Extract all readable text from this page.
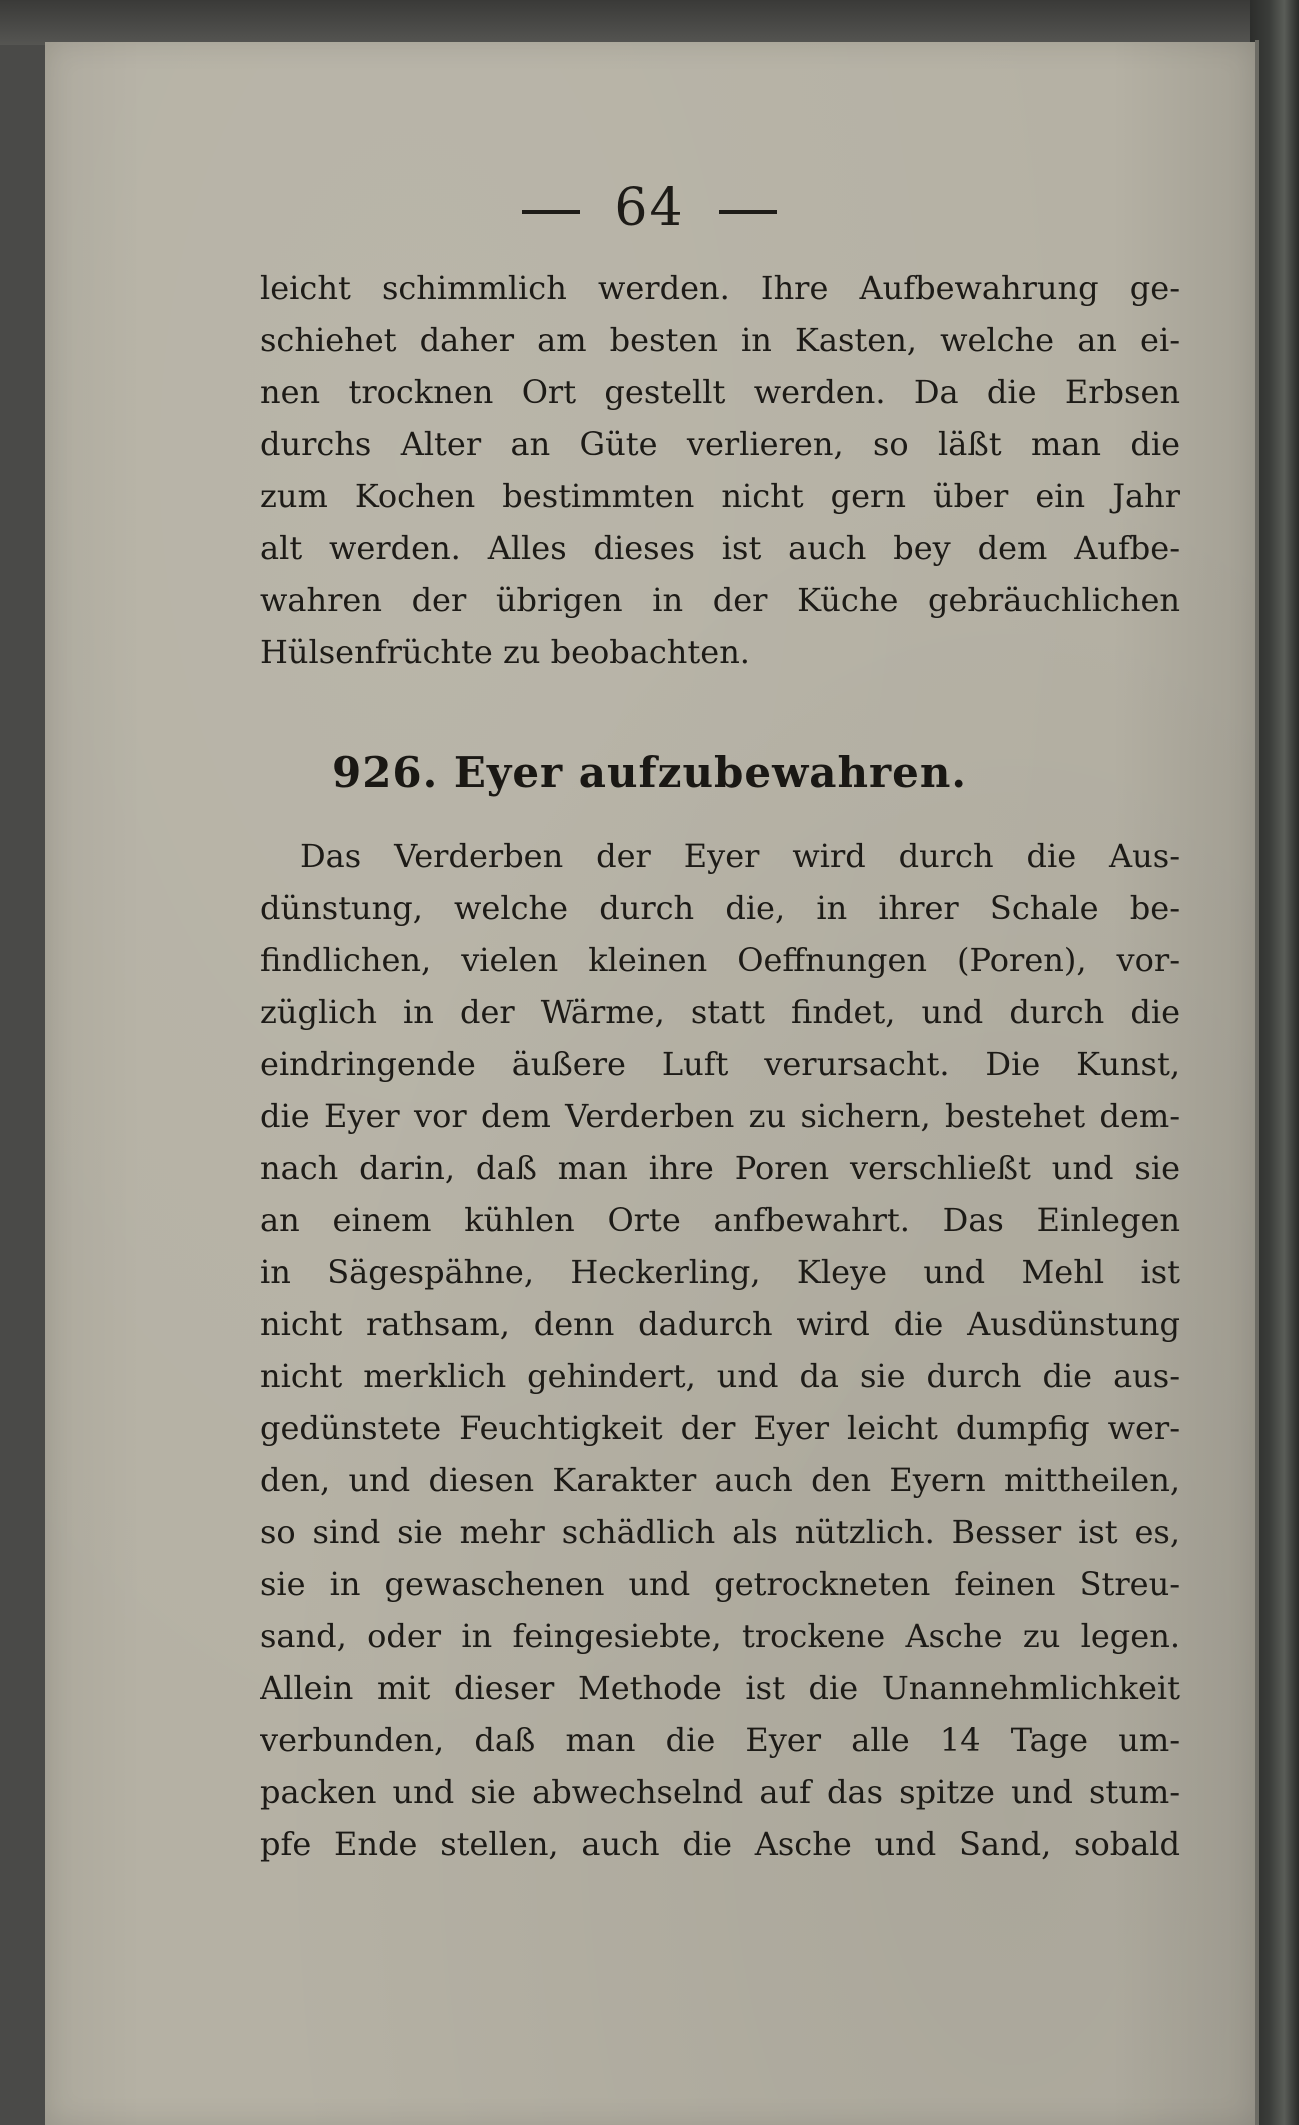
64
leicht schimmlich werden. Ihre Aufbewahrung ge-
schiehet daher am besten in Kasten, welche an ei-
nen trocknen Ort gestellt werden. Da die Erbsen
durchs Alter an Güte verlieren, so läßt man die
zum Kochen bestimmten nicht gern über ein Jahr
alt werden. Alles dieses ist auch bey dem Aufbe-
wahren der übrigen in der Küche gebräuchlichen
Hülsenfrüchte zu beobachten.
926. Eyer aufzubewahren.
Das Verderben der Eyer wird durch die Aus-
dünstung, welche durch die, in ihrer Schale be-
findlichen, vielen kleinen Oeffnungen (Poren), vor-
züglich in der Wärme, statt findet, und durch die
eindringende äußere Luft verursacht. Die Kunst,
die Eyer vor dem Verderben zu sichern, bestehet dem-
nach darin, daß man ihre Poren verschließt und sie
an einem kühlen Orte anfbewahrt. Das Einlegen
in Sägespähne, Heckerling, Kleye und Mehl ist
nicht rathsam, denn dadurch wird die Ausdünstung
nicht merklich gehindert, und da sie durch die aus-
gedünstete Feuchtigkeit der Eyer leicht dumpfig wer-
den, und diesen Karakter auch den Eyern mittheilen,
so sind sie mehr schädlich als nützlich. Besser ist es,
sie in gewaschenen und getrockneten feinen Streu-
sand, oder in feingesiebte, trockene Asche zu legen.
Allein mit dieser Methode ist die Unannehmlichkeit
verbunden, daß man die Eyer alle 14 Tage um-
packen und sie abwechselnd auf das spitze und stum-
pfe Ende stellen, auch die Asche und Sand, sobald
